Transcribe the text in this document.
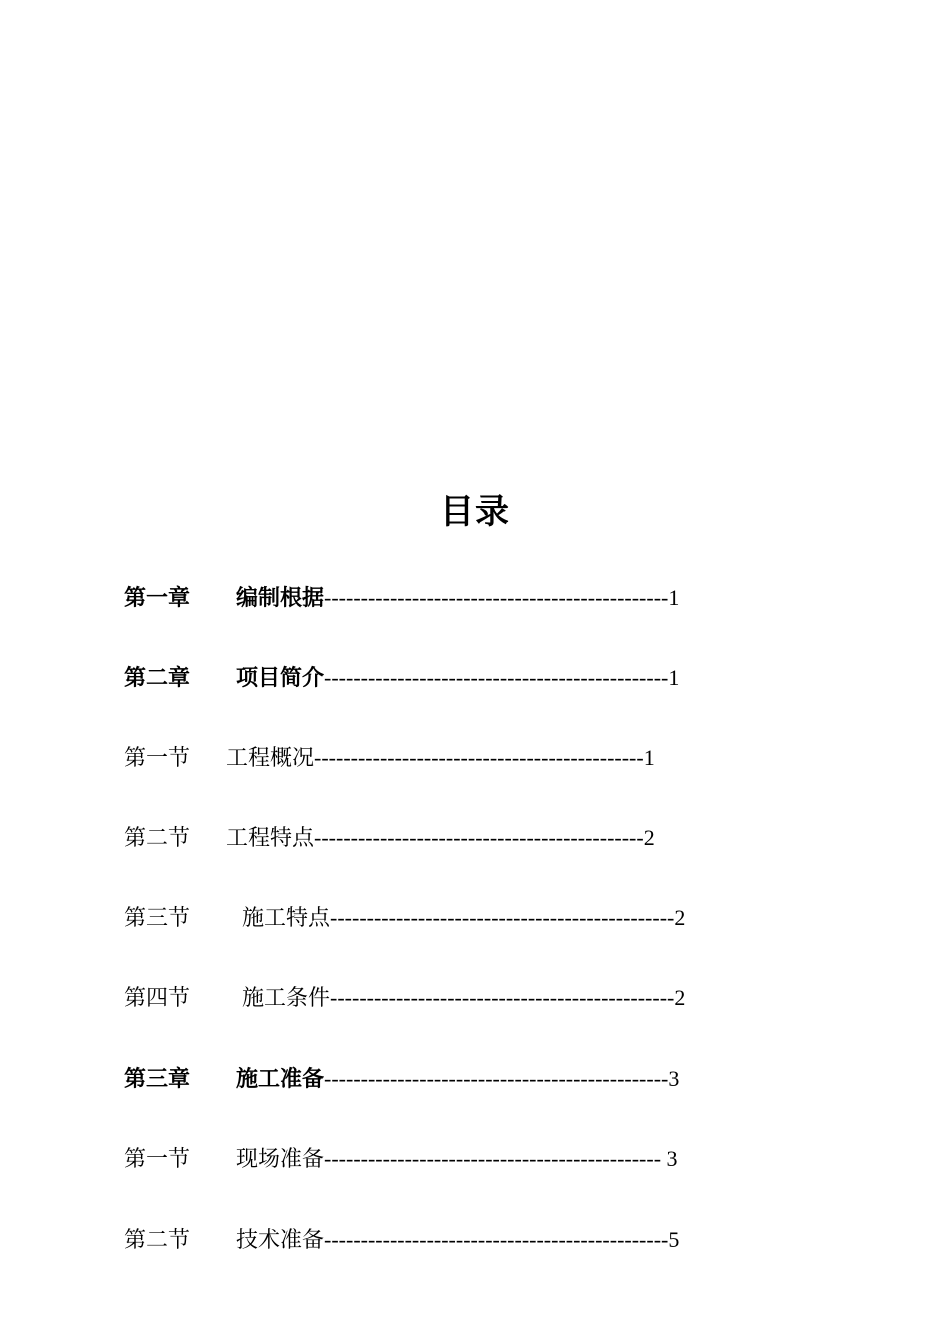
目录
第一章 编制根据-----------------------------------------------1
第二章 项目简介-----------------------------------------------1
第一节 工程概况---------------------------------------------1
第二节 工程特点---------------------------------------------2
第三节 施工特点-----------------------------------------------2
第四节 施工条件-----------------------------------------------2
第三章 施工准备-----------------------------------------------3
第一节 现场准备---------------------------------------------- 3
第二节 技术准备-----------------------------------------------5
